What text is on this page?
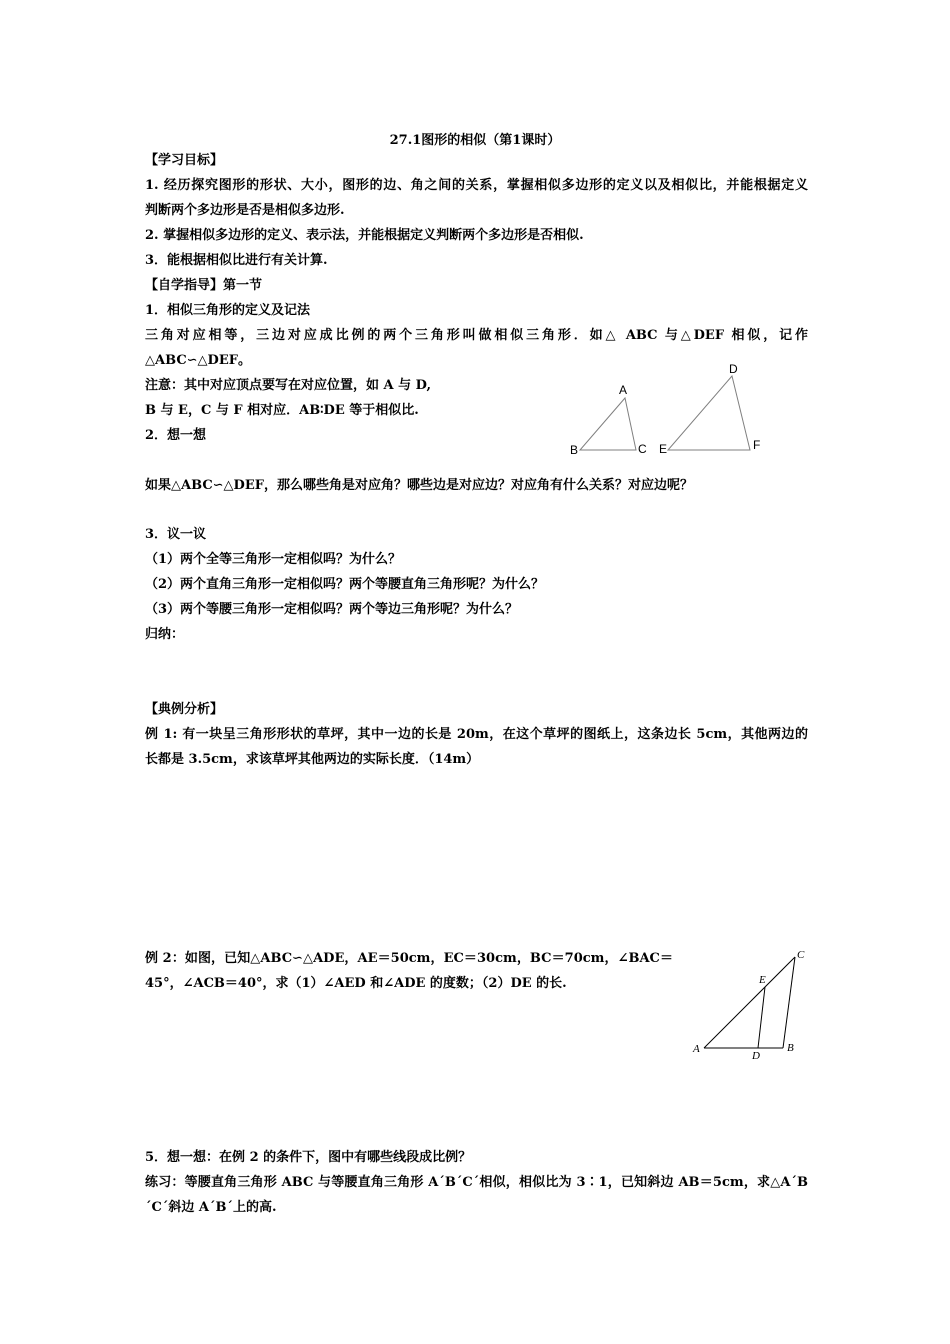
27.1图形的相似（第1课时）
【学习目标】
1. 经历探究图形的形状、大小，图形的边、角之间的关系，掌握相似多边形的定义以及相似比，并能根据定义
判断两个多边形是否是相似多边形.
2. 掌握相似多边形的定义、表示法，并能根据定义判断两个多边形是否相似.
3．能根据相似比进行有关计算.
【自学指导】第一节
1．相似三角形的定义及记法
三角对应相等，三边对应成比例的两个三角形叫做相似三角形．如△ ABC 与△DEF 相似，记作
△ABC∽△DEF。
注意：其中对应顶点要写在对应位置，如 A 与 D,
B 与 E，C 与 F 相对应．AB∶DE 等于相似比.
2．想一想
A
B	C
D
E	F
如果△ABC∽△DEF，那么哪些角是对应角？哪些边是对应边？对应角有什么关系？对应边呢？
3．议一议
（1）两个全等三角形一定相似吗？为什么？
（2）两个直角三角形一定相似吗？两个等腰直角三角形呢？为什么？
（3）两个等腰三角形一定相似吗？两个等边三角形呢？为什么？
归纳：
【典例分析】
例 1: 有一块呈三角形形状的草坪，其中一边的长是 20m，在这个草坪的图纸上，这条边长 5cm，其他两边的
长都是 3.5cm，求该草坪其他两边的实际长度．（14m）
例 2：如图，已知△ABC∽△ADE，AE＝50cm，EC＝30cm，BC＝70cm，∠BAC＝
45°，∠ACB＝40°，求（1）∠AED 和∠ADE 的度数；（2）DE 的长.
A	B
C
D
E
5．想一想：在例 2 的条件下，图中有哪些线段成比例？
练习：等腰直角三角形 ABC 与等腰直角三角形 A´B´C´相似，相似比为 3∶1，已知斜边 AB＝5cm，求△A´B
´C´斜边 A´B´上的高.
